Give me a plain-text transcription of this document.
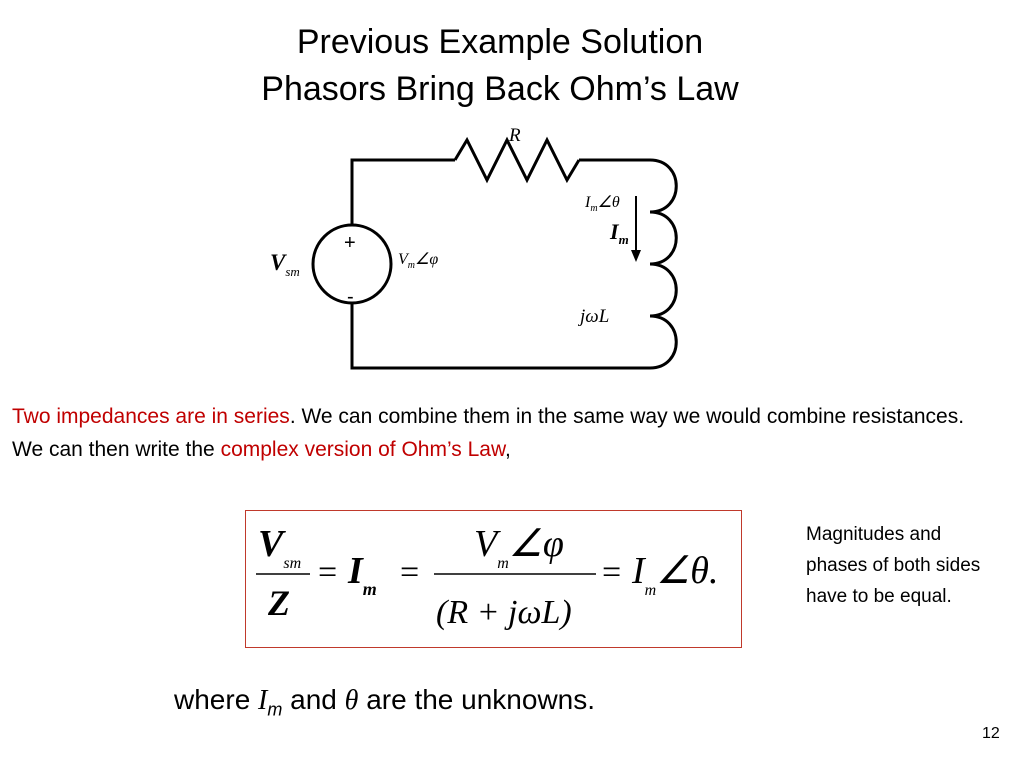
Previous Example Solution
Phasors Bring Back Ohm’s Law
R
+
-
$V_{sm}$
$V_m\angle\varphi$
$I_m\angle\theta$
$I_m$
jωL
Two impedances are in series. We can combine them in the same way we would combine resistances. We can then write the complex version of Ohm’s Law,
Vsm
Z
= Im =
Vm∠φ
(R + jωL)
= Im∠θ.
Magnitudes and phases of both sides have to be equal.
where $I_m$ and θ are the unknowns.
12
